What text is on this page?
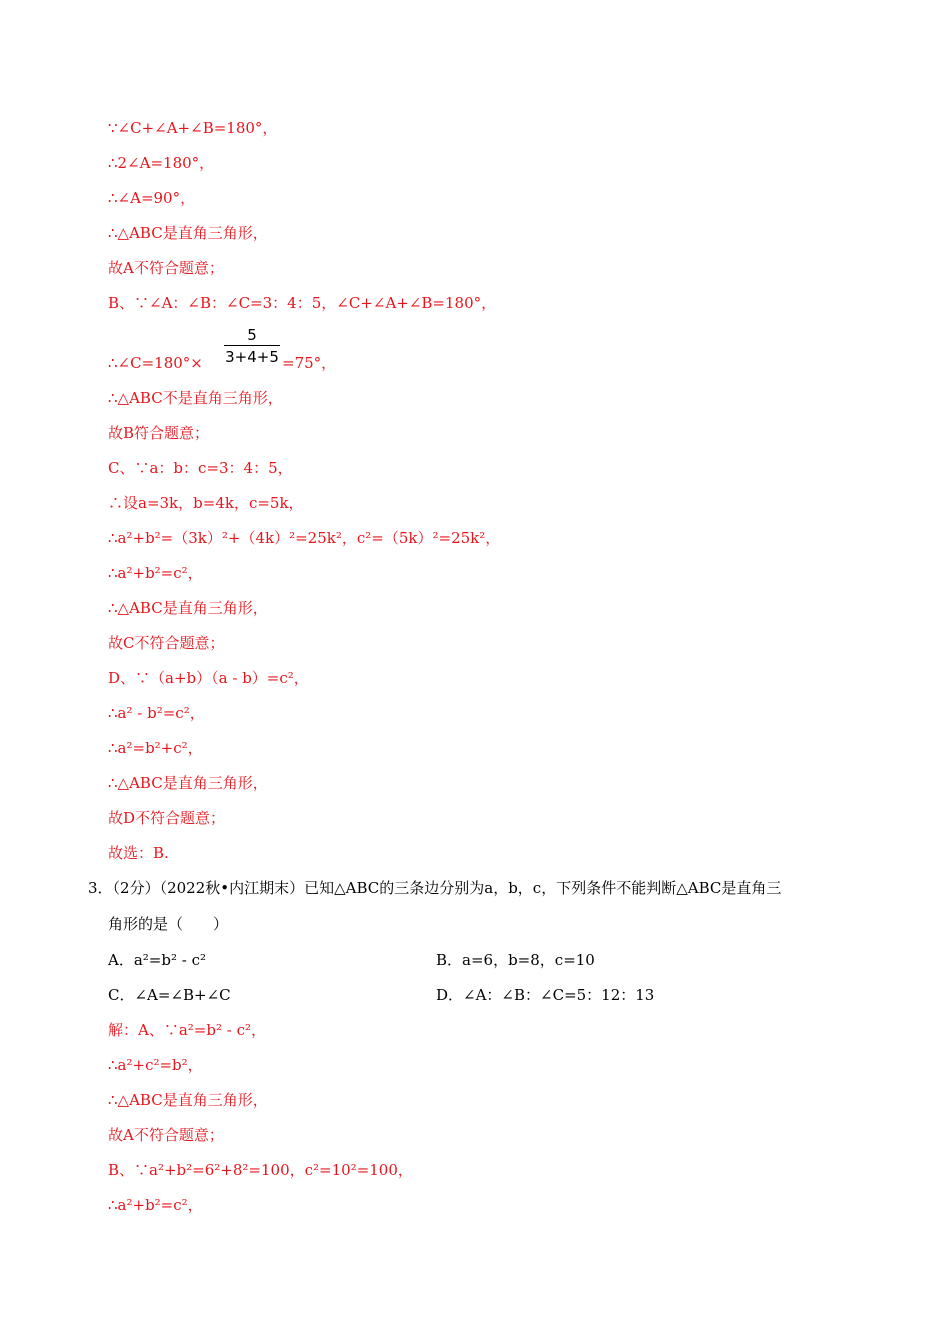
∵∠C+∠A+∠B=180°，
∴2∠A=180°，
∴∠A=90°，
∴△ABC是直角三角形，
故A不符合题意；
B、∵∠A：∠B：∠C=3：4：5，∠C+∠A+∠B=180°，
∴∠C=180°×
5
3+4+5 =75°，
∴△ABC不是直角三角形，
故B符合题意；
C、∵a：b：c=3：4：5，
∴设a=3k，b=4k，c=5k，
∴a²+b²=（3k）²+（4k）²=25k²，c²=（5k）²=25k²，
∴a²+b²=c²，
∴△ABC是直角三角形，
故C不符合题意；
D、∵（a+b）（a - b）=c²，
∴a² - b²=c²，
∴a²=b²+c²，
∴△ABC是直角三角形，
故D不符合题意；
故选：B.
3．（2分）（2022秋•内江期末）已知△ABC的三条边分别为a，b，c，下列条件不能判断△ABC是直角三
角形的是（　　）
A．a²=b² - c²	B．a=6，b=8，c=10
C．∠A=∠B+∠C	D．∠A：∠B：∠C=5：12：13
解：A、∵a²=b² - c²，
∴a²+c²=b²，
∴△ABC是直角三角形，
故A不符合题意；
B、∵a²+b²=6²+8²=100，c²=10²=100，
∴a²+b²=c²，
